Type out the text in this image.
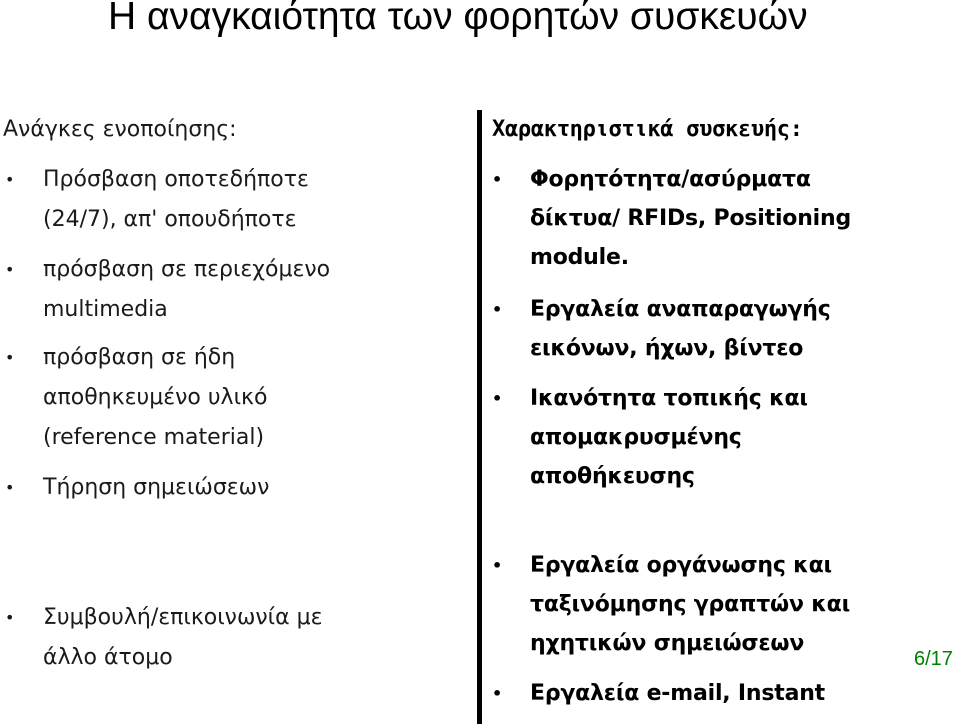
Η αναγκαιότητα των φορητών συσκευών
Ανάγκες ενοποίησης:
• Πρόσβαση οποτεδήποτε
(24/7), απ' οπουδήποτε
• πρόσβαση σε περιεχόμενο
multimedia
• πρόσβαση σε ήδη
αποθηκευμένο υλικό
(reference material)
• Τήρηση σημειώσεων
• Συμβουλή/επικοινωνία με
άλλο άτομο
Χαρακτηριστικά συσκευής:
• Φορητότητα/ασύρματα
δίκτυα/ RFIDs, Positioning
module.
• Εργαλεία αναπαραγωγής
εικόνων, ήχων, βίντεο
• Ικανότητα τοπικής και
απομακρυσμένης
αποθήκευσης
• Εργαλεία οργάνωσης και
ταξινόμησης γραπτών και
ηχητικών σημειώσεων
• Εργαλεία e-mail, Instant
6/17
